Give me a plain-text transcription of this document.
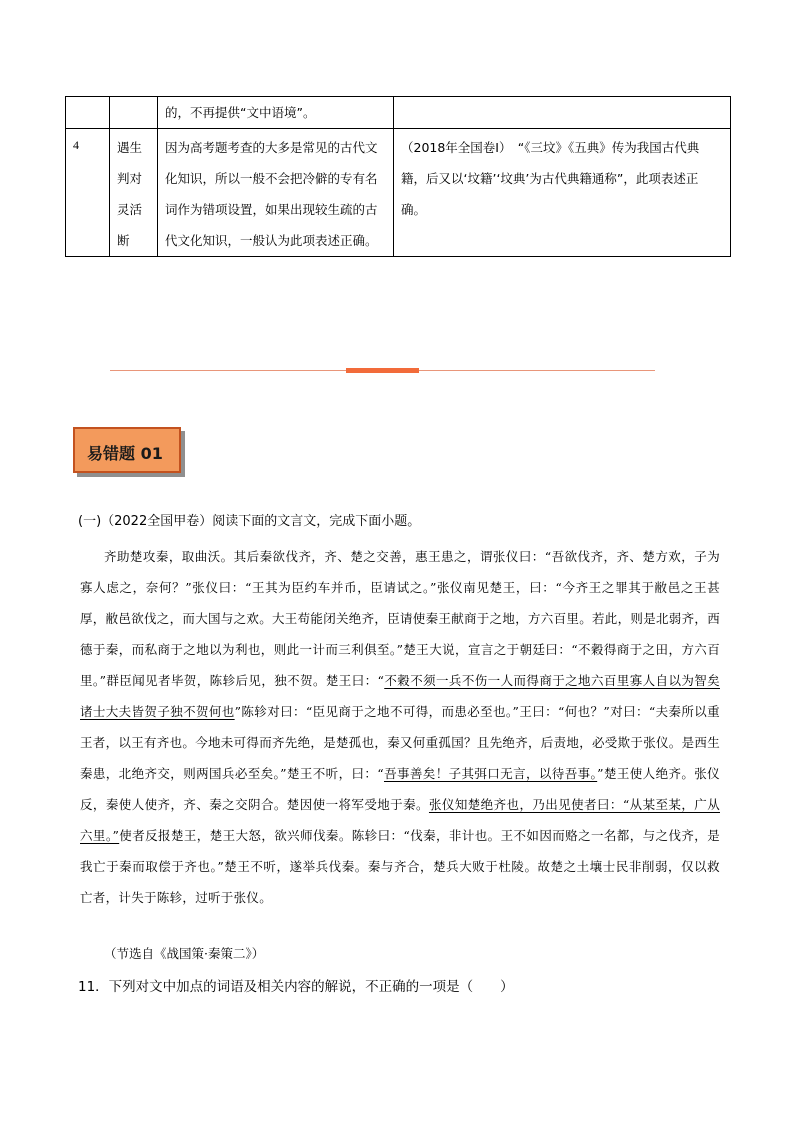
		的，不再提供“文中语境”。	
4	遇生判对灵活断	因为高考题考查的大多是常见的古代文化知识，所以一般不会把冷僻的专有名词作为错项设置，如果出现较生疏的古代文化知识，一般认为此项表述正确。	（2018年全国卷Ⅰ）　“《三坟》《五典》传为我国古代典籍，后又以‘坟籍’‘坟典’为古代典籍通称”，此项表述正确。
易错题 01
(一)（2022全国甲卷）阅读下面的文言文，完成下面小题。
齐助楚攻秦，取曲沃。其后秦欲伐齐，齐、楚之交善，惠王患之，谓张仪曰：“吾欲伐齐，齐、楚方欢，子为寡人虑之，奈何？”张仪曰：“王其为臣约车并币，臣请试之。”张仪南见楚王，曰：“今齐王之罪其于敝邑之王甚厚，敝邑欲伐之，而大国与之欢。大王苟能闭关绝齐，臣请使秦王献商于之地，方六百里。若此，则是北弱齐，西德于秦，而私商于之地以为利也，则此一计而三利俱至。”楚王大说，宣言之于朝廷曰：“不穀得商于之田，方六百里。”群臣闻见者毕贺，陈轸后见，独不贺。楚王曰：“不穀不须一兵不伤一人而得商于之地六百里寡人自以为智矣诸士大夫皆贺子独不贺何也”陈轸对曰：“臣见商于之地不可得，而患必至也。”王曰：“何也？”对曰：“夫秦所以重王者，以王有齐也。今地未可得而齐先绝，是楚孤也，秦又何重孤国？且先绝齐，后责地，必受欺于张仪。是西生秦患，北绝齐交，则两国兵必至矣。”楚王不听，曰：“吾事善矣！子其弭口无言，以待吾事。”楚王使人绝齐。张仪反，秦使人使齐，齐、秦之交阴合。楚因使一将军受地于秦。张仪知楚绝齐也，乃出见使者曰：“从某至某，广从六里。”使者反报楚王，楚王大怒，欲兴师伐秦。陈轸曰：“伐秦，非计也。王不如因而赂之一名都，与之伐齐，是我亡于秦而取偿于齐也。”楚王不听，遂举兵伐秦。秦与齐合，楚兵大败于杜陵。故楚之土壤士民非削弱，仅以救亡者，计失于陈轸，过听于张仪。
（节选自《战国策·秦策二》）
11．下列对文中加点的词语及相关内容的解说，不正确的一项是（　　）
